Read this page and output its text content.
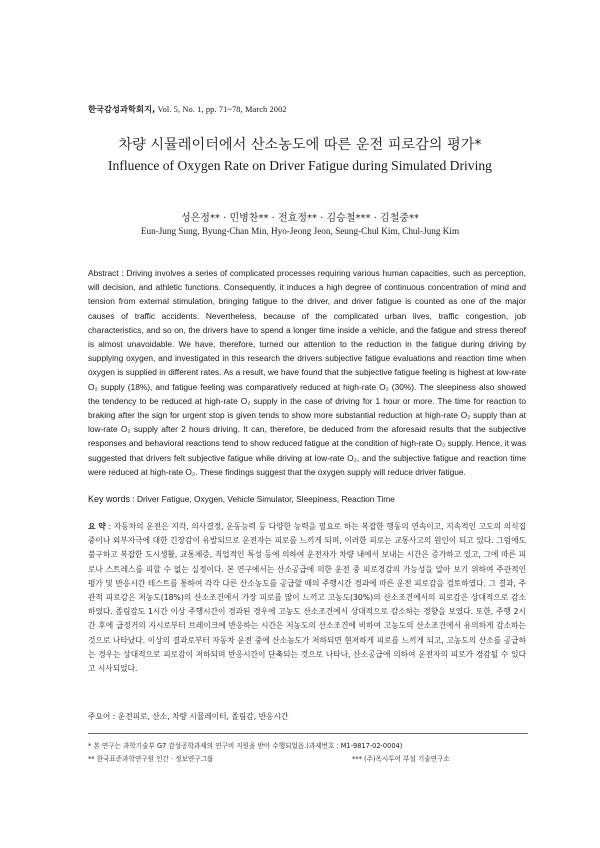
한국감성과학회지, Vol. 5, No. 1, pp. 71~78, March 2002
차량 시뮬레이터에서 산소농도에 따른 운전 피로감의 평가*
Influence of Oxygen Rate on Driver Fatigue during Simulated Driving
성은정** · 민병찬** · 전효정** · 김승철*** · 김철중**
Eun-Jung Sung, Byung-Chan Min, Hyo-Jeong Jeon, Seung-Chul Kim, Chul-Jung Kim
Abstract : Driving involves a series of complicated processes requiring various human capacities, such as perception, will decision, and athletic functions. Consequently, it induces a high degree of continuous concentration of mind and tension from external stimulation, bringing fatigue to the driver, and driver fatigue is counted as one of the major causes of traffic accidents. Nevertheless, because of the complicated urban lives, traffic congestion, job characteristics, and so on, the drivers have to spend a longer time inside a vehicle, and the fatigue and stress thereof is almost unavoidable. We have, therefore, turned our attention to the reduction in the fatigue during driving by supplying oxygen, and investigated in this research the drivers subjective fatigue evaluations and reaction time when oxygen is supplied in different rates. As a result, we have found that the subjective fatigue feeling is highest at low-rate O₂ supply (18%), and fatigue feeling was comparatively reduced at high-rate O₂ (30%). The sleepiness also showed the tendency to be reduced at high-rate O₂ supply in the case of driving for 1 hour or more. The time for reaction to braking after the sign for urgent stop is given tends to show more substantial reduction at high-rate O₂ supply than at low-rate O₂ supply after 2 hours driving. It can, therefore, be deduced from the aforesaid results that the subjective responses and behavioral reactions tend to show reduced fatigue at the condition of high-rate O₂ supply. Hence, it was suggested that drivers felt subjective fatigue while driving at low-rate O₂, and the subjective fatigue and reaction time were reduced at high-rate O₂. These findings suggest that the oxygen supply will reduce driver fatigue.
Key words : Driver Fatigue, Oxygen, Vehicle Simulator, Sleepiness, Reaction Time
요 약 : 자동차의 운전은 지각, 의사결정, 운동능력 등 다양한 능력을 필요로 하는 복잡한 행동의 연속이고, 지속적인 고도의 의식집중이나 외부자극에 대한 긴장감이 유발되므로 운전자는 피로를 느끼게 되며, 이러한 피로는 교통사고의 원인이 되고 있다. 그럼에도 불구하고 복잡한 도시생활, 교통체증, 직업적인 특성 등에 의하여 운전자가 차량 내에서 보내는 시간은 증가하고 있고, 그에 따른 피로나 스트레스를 피할 수 없는 실정이다. 본 연구에서는 산소공급에 의한 운전 중 피로경감의 가능성을 알아 보기 위하여 주관적인 평가 및 반응시간 테스트를 통하여 각각 다른 산소농도를 공급할 때의 주행시간 경과에 따른 운전 피로감을 검토하였다. 그 결과, 주관적 피로감은 저농도(18%)의 산소조건에서 가장 피로를 많이 느끼고 고농도(30%)의 산소조건에서의 피로감은 상대적으로 감소하였다. 졸림감도 1시간 이상 주행시간이 경과된 경우에 고농도 산소조건에서 상대적으로 감소하는 경향을 보였다. 또한, 주행 2시간 후에 급정거의 지시로부터 브레이크에 반응하는 시간은 저농도의 산소조건에 비하여 고농도의 산소조건에서 유의하게 감소하는 것으로 나타났다. 이상의 결과로부터 자동차 운전 중에 산소농도가 저하되면 현저하게 피로를 느끼게 되고, 고농도의 산소를 공급하는 경우는 상대적으로 피로감이 저하되며 반응시간이 단축되는 것으로 나타나, 산소공급에 의하여 운전자의 피로가 경감될 수 있다고 시사되었다.
주요어 : 운전피로, 산소, 차량 시뮬레이터, 졸림감, 반응시간
* 본 연구는 과학기술부 G7 감성공학과제의 연구비 지원을 받아 수행되었음.(과제번호 : M1-9817-02-0004)
** 한국표준과학연구원 인간 · 정보연구그룹	*** (주)옥시투어 부설 기술연구소
